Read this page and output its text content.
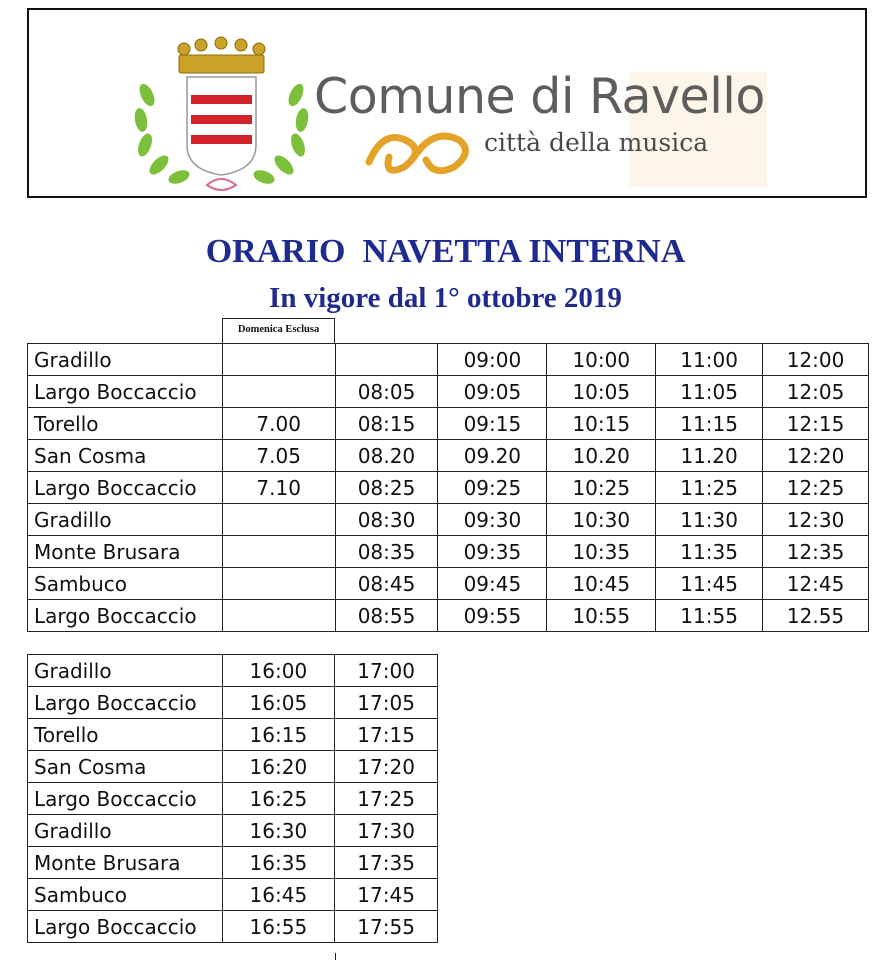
Comune di Ravello
città della musica
ORARIO  NAVETTA INTERNA
In vigore dal 1° ottobre 2019
Domenica Esclusa
Gradillo			09:00	10:00	11:00	12:00
Largo Boccaccio		08:05	09:05	10:05	11:05	12:05
Torello	7.00	08:15	09:15	10:15	11:15	12:15
San Cosma	7.05	08.20	09.20	10.20	11.20	12:20
Largo Boccaccio	7.10	08:25	09:25	10:25	11:25	12:25
Gradillo		08:30	09:30	10:30	11:30	12:30
Monte Brusara		08:35	09:35	10:35	11:35	12:35
Sambuco		08:45	09:45	10:45	11:45	12:45
Largo Boccaccio		08:55	09:55	10:55	11:55	12.55
Gradillo	16:00	17:00
Largo Boccaccio	16:05	17:05
Torello	16:15	17:15
San Cosma	16:20	17:20
Largo Boccaccio	16:25	17:25
Gradillo	16:30	17:30
Monte Brusara	16:35	17:35
Sambuco	16:45	17:45
Largo Boccaccio	16:55	17:55
